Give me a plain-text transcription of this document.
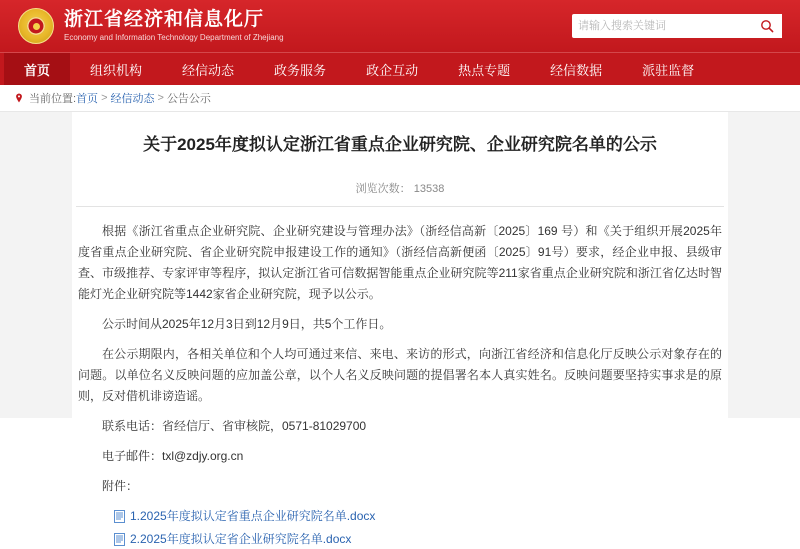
浙江省经济和信息化厅
Economy and Information Technology Department of Zhejiang
请输入搜索关键词
首页	组织机构	经信动态	政务服务	政企互动	热点专题	经信数据	派驻监督
当前位置: 首页 > 经信动态 > 公告公示
关于2025年度拟认定浙江省重点企业研究院、企业研究院名单的公示
浏览次数： 13538

根据《浙江省重点企业研究院、企业研究建设与管理办法》（浙经信高新〔2025〕169 号）和《关于组织开展2025年度省重点企业研究院、省企业研究院申报建设工作的通知》（浙经信高新便函〔2025〕91号）要求，经企业申报、县级审查、市级推荐、专家评审等程序，拟认定浙江省可信数据智能重点企业研究院等211家省重点企业研究院和浙江省亿达时智能灯光企业研究院等1442家省企业研究院，现予以公示。

公示时间从2025年12月3日到12月9日，共5个工作日。

在公示期限内，各相关单位和个人均可通过来信、来电、来访的形式，向浙江省经济和信息化厅反映公示对象存在的问题。以单位名义反映问题的应加盖公章，以个人名义反映问题的提倡署名本人真实姓名。反映问题要坚持实事求是的原则，反对借机诽谤造谣。

联系电话：省经信厅、省审核院，0571-81029700

电子邮件：txl@zdjy.org.cn

附件：

1.2025年度拟认定省重点企业研究院名单.docx
2.2025年度拟认定省企业研究院名单.docx
